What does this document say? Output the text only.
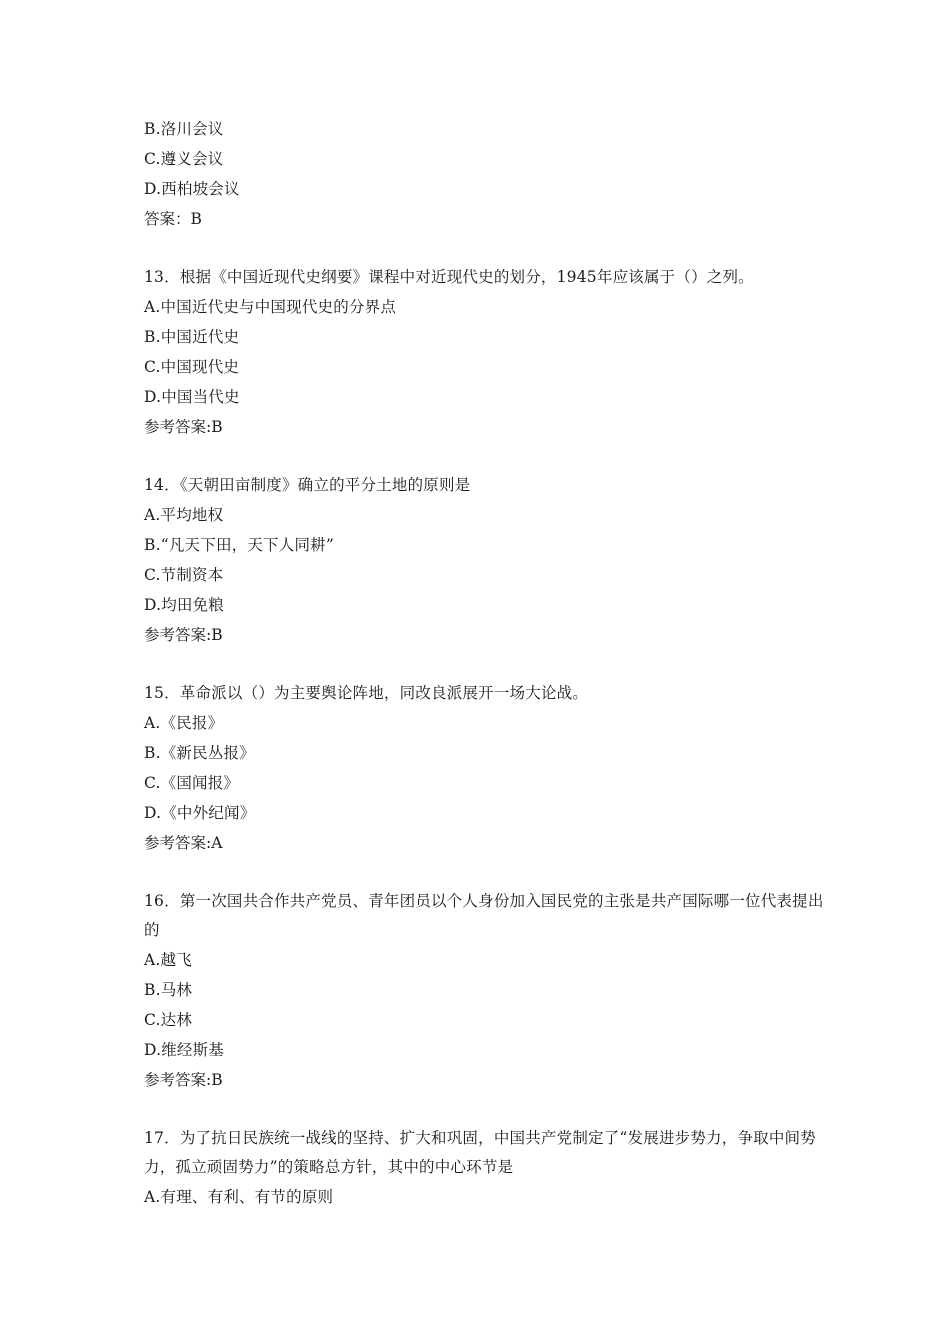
B.洛川会议
C.遵义会议
D.西柏坡会议
答案：B
13．根据《中国近现代史纲要》课程中对近现代史的划分，1945年应该属于（）之列。
A.中国近代史与中国现代史的分界点
B.中国近代史
C.中国现代史
D.中国当代史
参考答案:B
14．《天朝田亩制度》确立的平分土地的原则是
A.平均地权
B.“凡天下田，天下人同耕”
C.节制资本
D.均田免粮
参考答案:B
15．革命派以（）为主要舆论阵地，同改良派展开一场大论战。
A.《民报》
B.《新民丛报》
C.《国闻报》
D.《中外纪闻》
参考答案:A
16．第一次国共合作共产党员、青年团员以个人身份加入国民党的主张是共产国际哪一位代表提出的
A.越飞
B.马林
C.达林
D.维经斯基
参考答案:B
17．为了抗日民族统一战线的坚持、扩大和巩固，中国共产党制定了“发展进步势力，争取中间势力，孤立顽固势力”的策略总方针，其中的中心环节是
A.有理、有利、有节的原则
